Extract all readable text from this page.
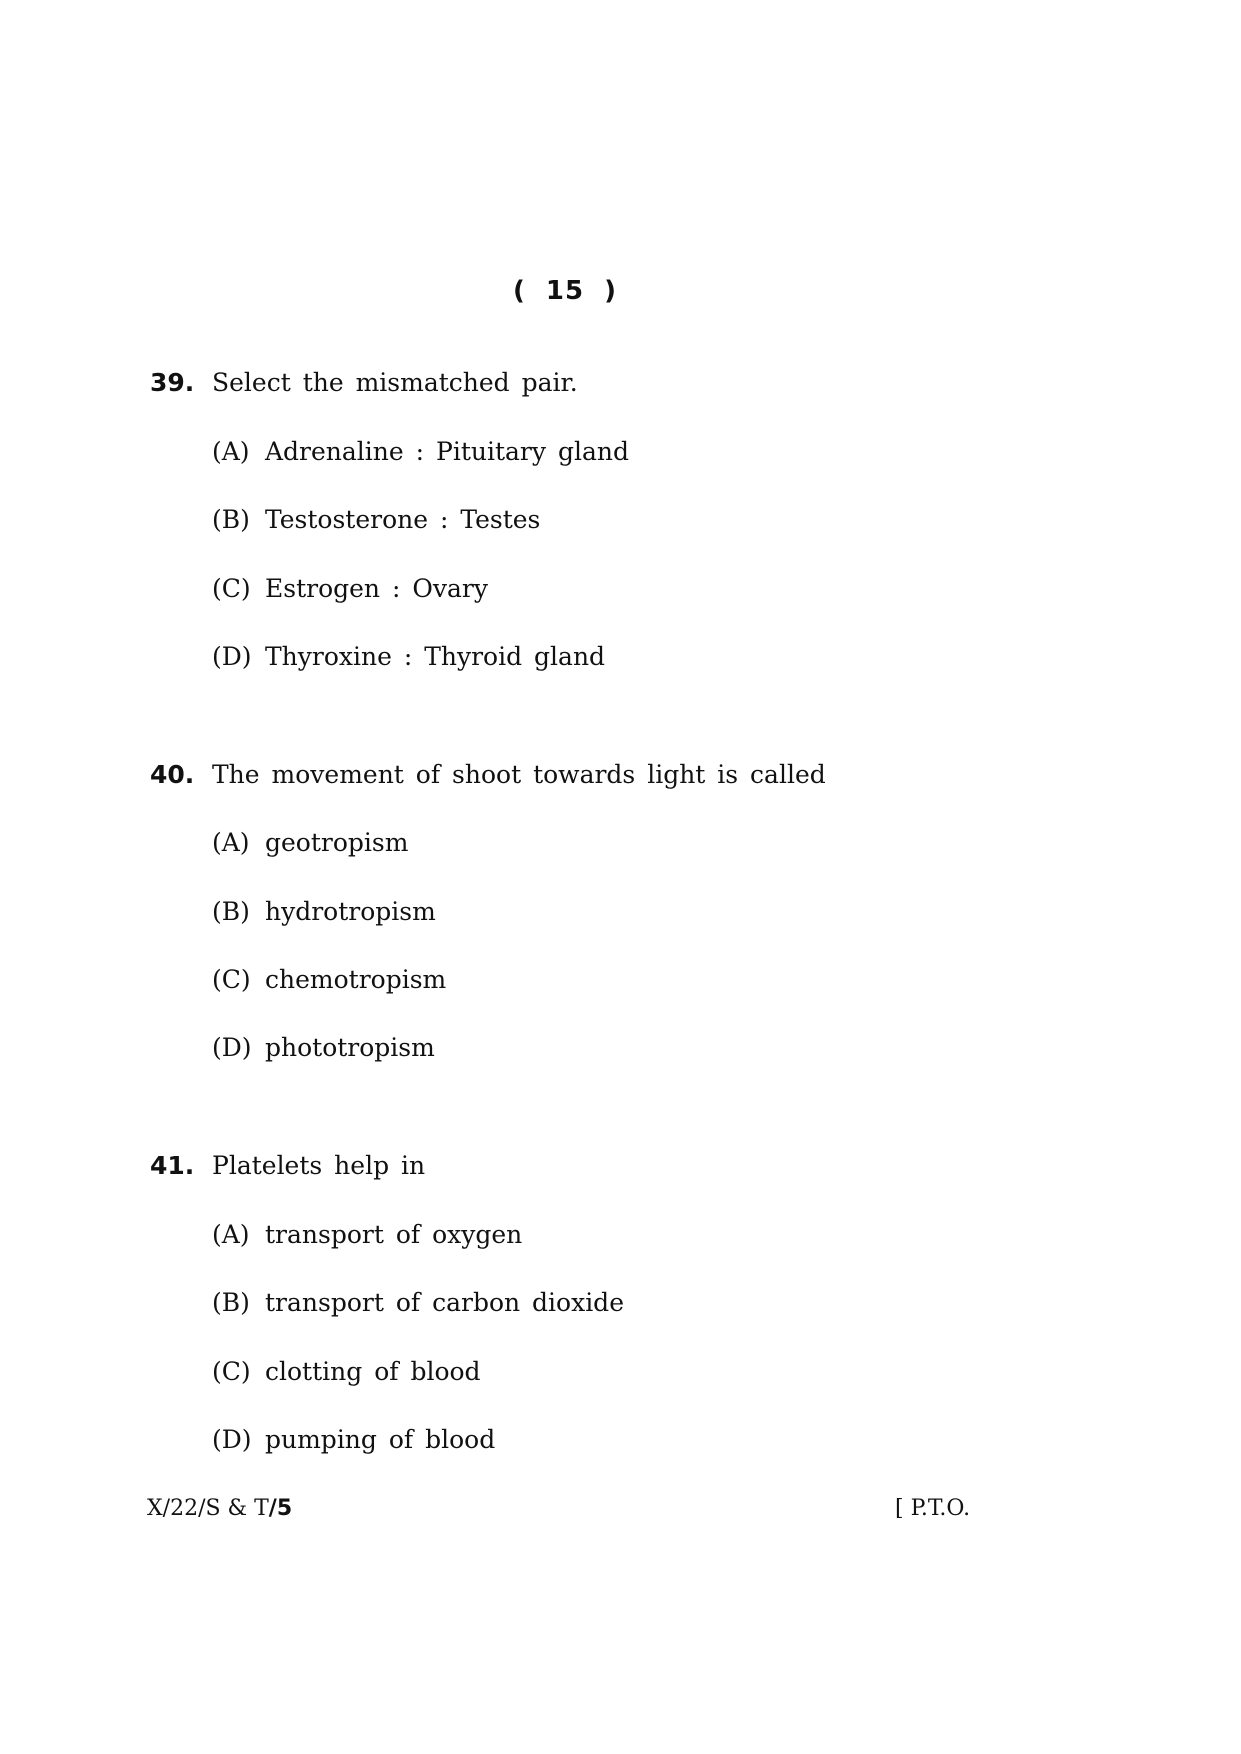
( 15 )
39. Select the mismatched pair.
(A) Adrenaline : Pituitary gland
(B) Testosterone : Testes
(C) Estrogen : Ovary
(D) Thyroxine : Thyroid gland
40. The movement of shoot towards light is called
(A) geotropism
(B) hydrotropism
(C) chemotropism
(D) phototropism
41. Platelets help in
(A) transport of oxygen
(B) transport of carbon dioxide
(C) clotting of blood
(D) pumping of blood
X/22/S & T/5	[ P.T.O.
